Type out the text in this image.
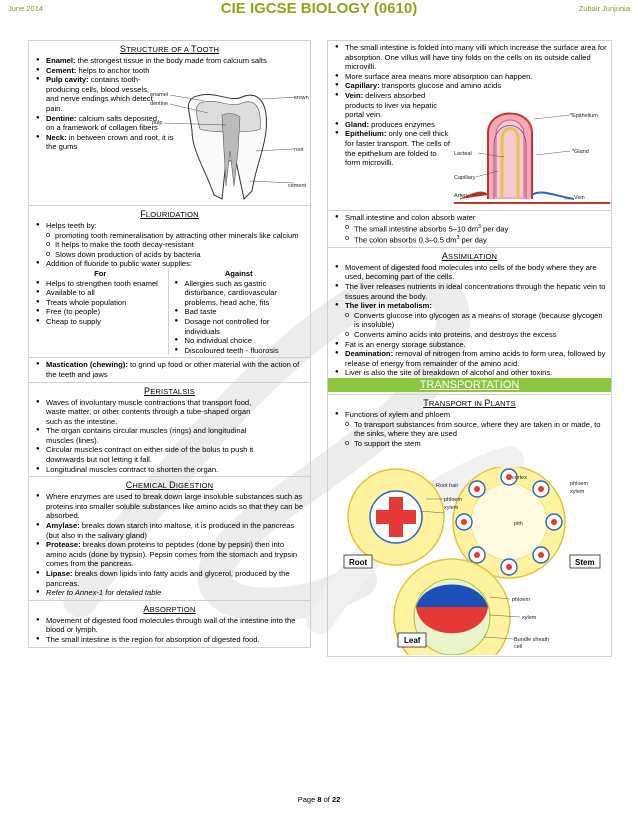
June 2014	CIE IGCSE BIOLOGY (0610)	Zubair Junjunia
STRUCTURE OF A TOOTH
● Enamel: the strongest tissue in the body made from calcium salts
● Cement: helps to anchor tooth
● Pulp cavity: contains tooth-producing cells, blood vessels, and nerve endings which detect pain.
● Dentine: calcium salts deposited on a framework of collagen fibers
● Neck: in between crown and root, it is the gums
enamel
dentine
pulp
crown
root
cement
FLOURIDATION
● Helps teeth by:
o promoting tooth remineralisation by attracting other minerals like calcium
o It helps to make the tooth decay-resistant
o Slows down production of acids by bacteria
● Addition of fluoride to public water supplies:
For
● Helps to strengthen tooth enamel
● Available to all
● Treats whole population
● Free (to people)
● Cheap to supply
Against
● Allergies such as gastric disturbance, cardiovascular problems, head ache, fits
● Bad taste
● Dosage not controlled for individuals
● No individual choice
● Discoloured teeth - fluorosis
● Mastication (chewing): to grind up food or other material with the action of the teeth and jaws
PERISTALSIS
● Waves of involuntary muscle contractions that transport food, waste matter, or other contents through a tube-shaped organ such as the intestine.
● The organ contains circular muscles (rings) and longitudinal muscles (lines).
● Circular muscles contract on either side of the bolus to push it downwards but not letting it fall.
● Longitudinal muscles contract to shorten the organ.
CHEMICAL DIGESTION
● Where enzymes are used to break down large insoluble substances such as proteins into smaller soluble substances like amino acids so that they can be absorbed.
● Amylase: breaks down starch into maltose, it is produced in the pancreas (but also in the salivary gland)
● Protease: breaks down proteins to peptides (done by pepsin) then into amino acids (done by trypsin). Pepsin comes from the stomach and trypsin comes from the pancreas.
● Lipase: breaks down lipids into fatty acids and glycerol, produced by the pancreas.
● Refer to Annex-1 for detailed table
ABSORPTION
● Movement of digested food molecules through wall of the intestine into the blood or lymph.
● The small intestine is the region for absorption of digested food.
● The small intestine is folded into many villi which increase the surface area for absorption. One villus will have tiny folds on the cells on its outside called microvilli.
● More surface area means more absorption can happen.
● Capillary: transports glucose and amino acids
● Vein: delivers absorbed products to liver via hepatic portal vein.
● Gland: produces enzymes
● Epithelium: only one cell thick for faster transport. The cells of the epithelium are folded to form microvilli.
*Epithelium
*Gland
Lacteal
Capillary
Artery	Vein
● Small intestine and colon absorb water
o The small intestine absorbs 5–10 $dm^3$ per day
o The colon absorbs 0.3–0.5 $dm^3$ per day
ASSIMILATION
● Movement of digested food molecules into cells of the body where they are used, becoming part of the cells.
● The liver releases nutrients in ideal concentrations through the hepatic vein to tissues around the body.
● The liver in metabolism:
o Converts glucose into glycogen as a means of storage (because glycogen is insoluble)
o Converts amino acids into proteins, and destroys the excess
● Fat is an energy storage substance.
● Deamination: removal of nitrogen from amino acids to form urea, followed by release of energy from remainder of the amino acid.
● Liver is also the site of breakdown of alcohol and other toxins.
TRANSPORTATION
TRANSPORT IN PLANTS
● Functions of xylem and phloem
o To transport substances from source, where they are taken in or made, to the sinks, where they are used
o To support the stem
cortex
Root hair
phloem
xylem
pith
phloem
xylem
phloem
xylem
Bundle sheath
cell
Root	Stem
Leaf
Page 8 of 22
